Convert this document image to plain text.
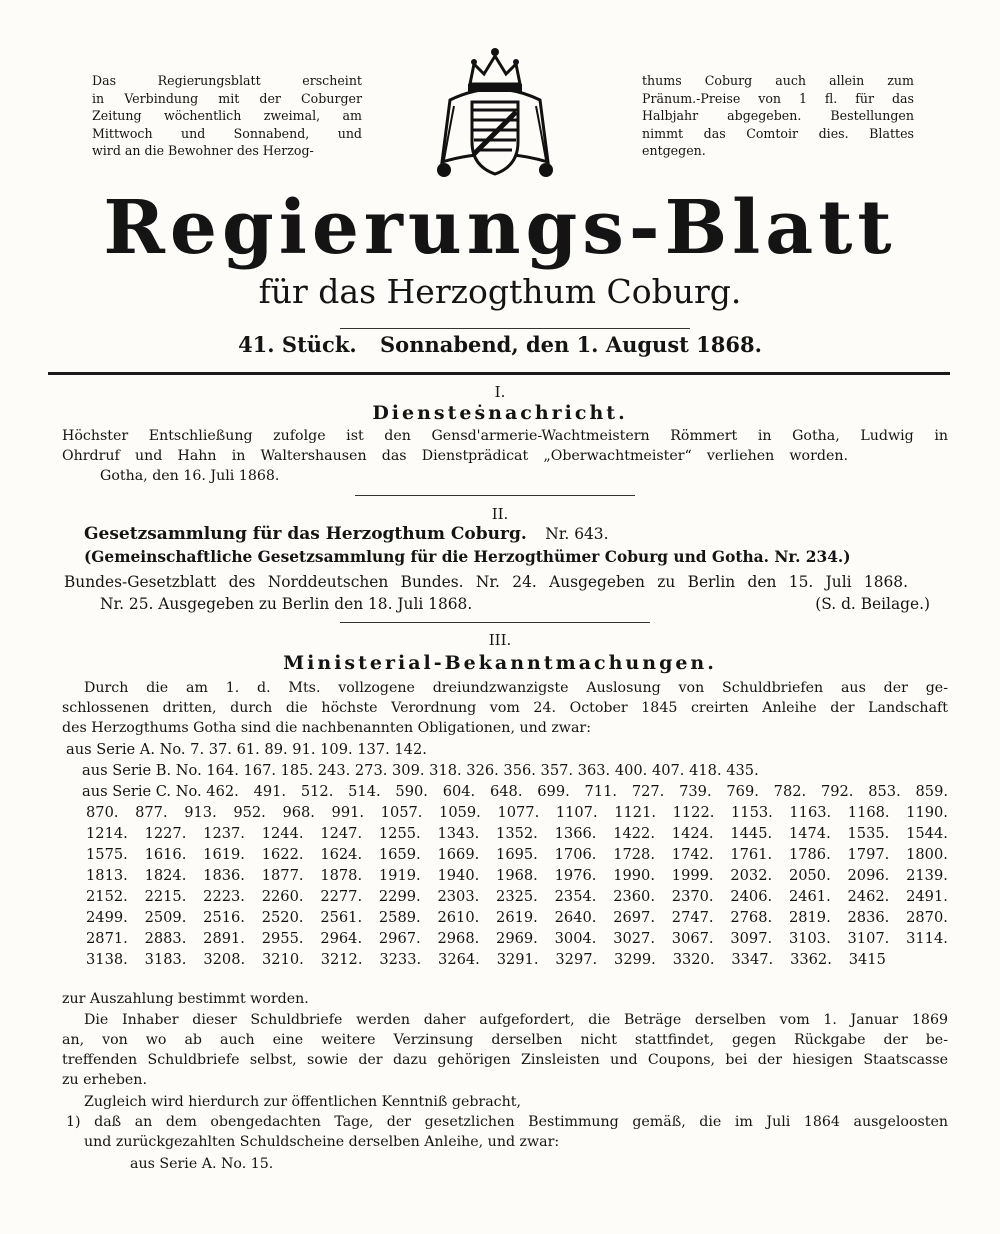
Das Regierungsblatt erscheint
in Verbindung mit der Coburger
Zeitung wöchentlich zweimal, am
Mittwoch und Sonnabend, und
wird an die Bewohner des Herzog-
thums Coburg auch allein zum
Pränum.-Preise von 1 fl. für das
Halbjahr abgegeben. Bestellungen
nimmt das Comtoir dies. Blattes
entgegen.
Regierungs-Blatt
für das Herzogthum Coburg.
41. Stück. Sonnabend, den 1. August 1868.
I.
Diensteṡnachricht.
Höchster Entschließung zufolge ist den Gensd'armerie-Wachtmeistern Römmert in Gotha, Ludwig in
Ohrdruf und Hahn in Waltershausen das Dienstprädicat „Oberwachtmeister“ verliehen worden.
Gotha, den 16. Juli 1868.
II.
Gesetzsammlung für das Herzogthum Coburg. Nr. 643.
(Gemeinschaftliche Gesetzsammlung für die Herzogthümer Coburg und Gotha. Nr. 234.)
Bundes-Gesetzblatt des Norddeutschen Bundes. Nr. 24. Ausgegeben zu Berlin den 15. Juli 1868.
Nr. 25. Ausgegeben zu Berlin den 18. Juli 1868.	(S. d. Beilage.)
III.
Ministerial-Bekanntmachungen.
Durch die am 1. d. Mts. vollzogene dreiundzwanzigste Auslosung von Schuldbriefen aus der ge-
schlossenen dritten, durch die höchste Verordnung vom 24. October 1845 creirten Anleihe der Landschaft
des Herzogthums Gotha sind die nachbenannten Obligationen, und zwar:
aus Serie A. No. 7. 37. 61. 89. 91. 109. 137. 142.
aus Serie B. No. 164. 167. 185. 243. 273. 309. 318. 326. 356. 357. 363. 400. 407. 418. 435.
aus Serie C. No. 462. 491. 512. 514. 590. 604. 648. 699. 711. 727. 739. 769. 782. 792. 853. 859.
870. 877. 913. 952. 968. 991. 1057. 1059. 1077. 1107. 1121. 1122. 1153. 1163. 1168. 1190.
1214. 1227. 1237. 1244. 1247. 1255. 1343. 1352. 1366. 1422. 1424. 1445. 1474. 1535. 1544.
1575. 1616. 1619. 1622. 1624. 1659. 1669. 1695. 1706. 1728. 1742. 1761. 1786. 1797. 1800.
1813. 1824. 1836. 1877. 1878. 1919. 1940. 1968. 1976. 1990. 1999. 2032. 2050. 2096. 2139.
2152. 2215. 2223. 2260. 2277. 2299. 2303. 2325. 2354. 2360. 2370. 2406. 2461. 2462. 2491.
2499. 2509. 2516. 2520. 2561. 2589. 2610. 2619. 2640. 2697. 2747. 2768. 2819. 2836. 2870.
2871. 2883. 2891. 2955. 2964. 2967. 2968. 2969. 3004. 3027. 3067. 3097. 3103. 3107. 3114.
3138. 3183. 3208. 3210. 3212. 3233. 3264. 3291. 3297. 3299. 3320. 3347. 3362. 3415
zur Auszahlung bestimmt worden.
Die Inhaber dieser Schuldbriefe werden daher aufgefordert, die Beträge derselben vom 1. Januar 1869
an, von wo ab auch eine weitere Verzinsung derselben nicht stattfindet, gegen Rückgabe der be-
treffenden Schuldbriefe selbst, sowie der dazu gehörigen Zinsleisten und Coupons, bei der hiesigen Staatscasse
zu erheben.
Zugleich wird hierdurch zur öffentlichen Kenntniß gebracht,
1) daß an dem obengedachten Tage, der gesetzlichen Bestimmung gemäß, die im Juli 1864 ausgeloosten
und zurückgezahlten Schuldscheine derselben Anleihe, und zwar:
aus Serie A. No. 15.
